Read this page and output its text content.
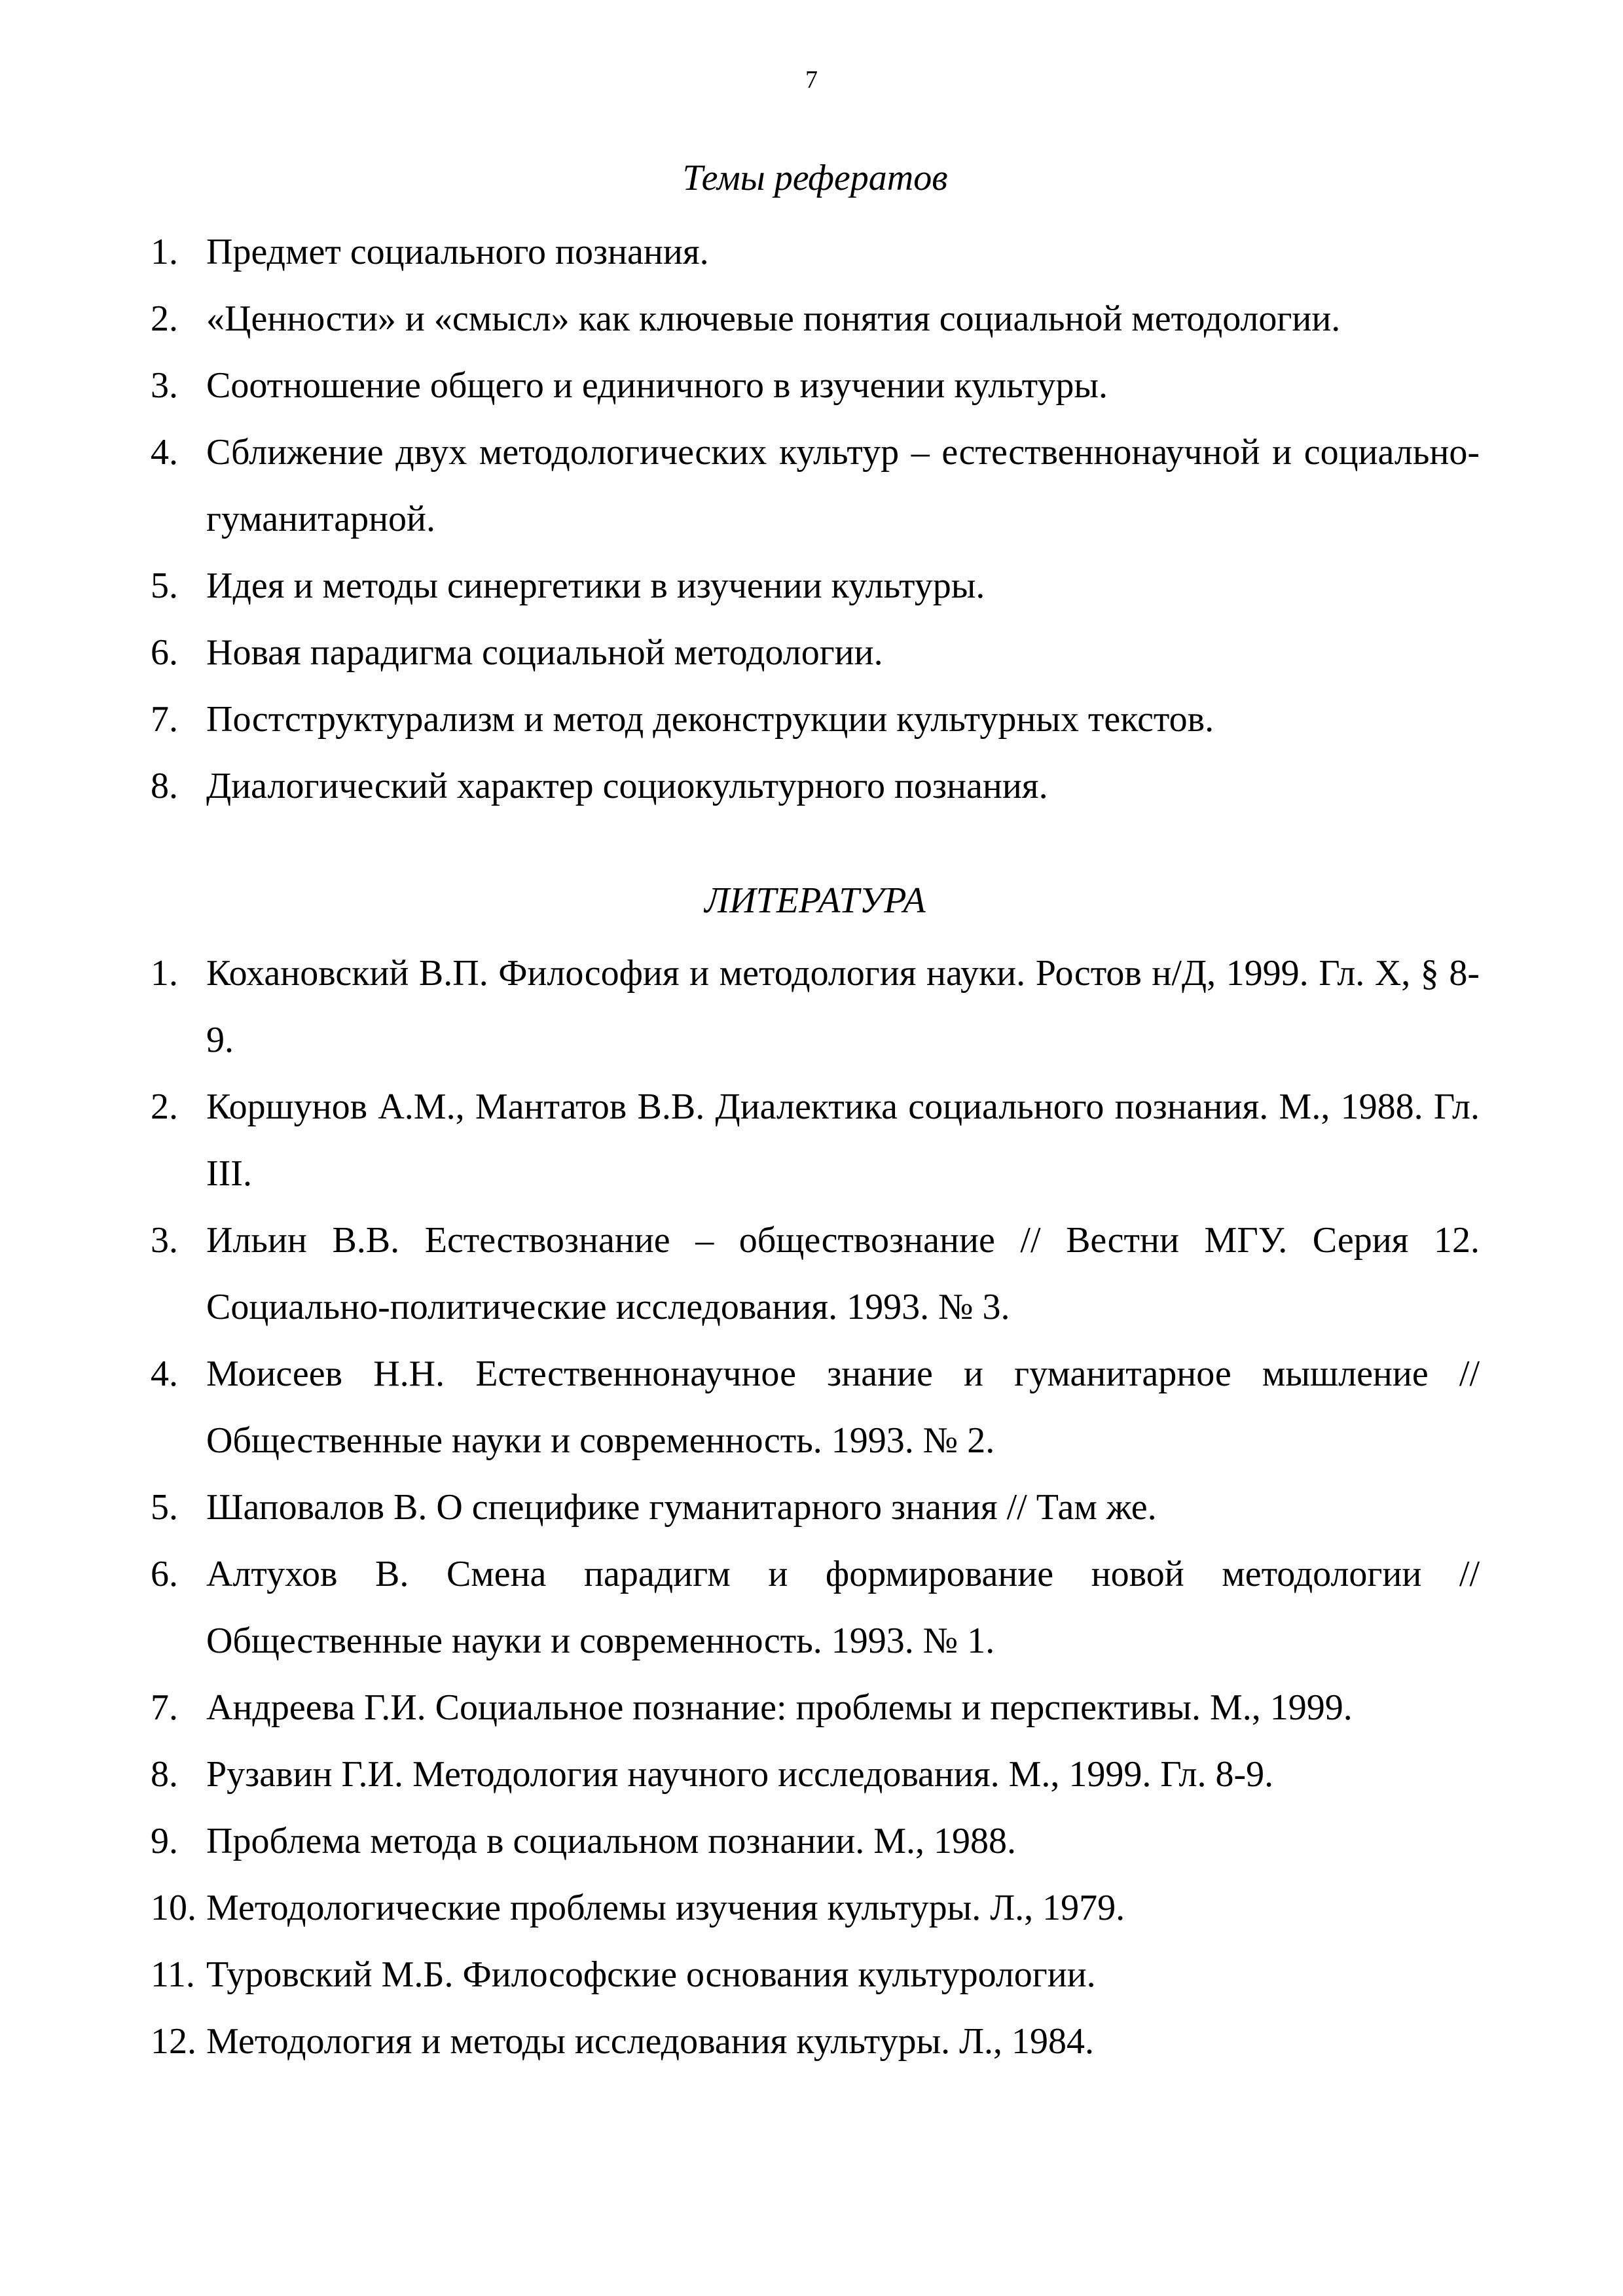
7
Темы рефератов
1. Предмет социального познания.
2. «Ценности» и «смысл» как ключевые понятия социальной методологии.
3. Соотношение общего и единичного в изучении культуры.
4. Сближение двух методологических культур – естественнонаучной и социально-гуманитарной.
5. Идея и методы синергетики в изучении культуры.
6. Новая парадигма социальной методологии.
7. Постструктурализм и метод деконструкции культурных текстов.
8. Диалогический характер социокультурного познания.
ЛИТЕРАТУРА
1. Кохановский В.П. Философия и методология науки. Ростов н/Д, 1999. Гл. X, § 8-9.
2. Коршунов А.М., Мантатов В.В. Диалектика социального познания. М., 1988. Гл. III.
3. Ильин В.В. Естествознание – обществознание // Вестни МГУ. Серия 12. Социально-политические исследования. 1993. № 3.
4. Моисеев Н.Н. Естественнонаучное знание и гуманитарное мышление // Общественные науки и современность. 1993. № 2.
5. Шаповалов В. О специфике гуманитарного знания // Там же.
6. Алтухов В. Смена парадигм и формирование новой методологии // Общественные науки и современность. 1993. № 1.
7. Андреева Г.И. Социальное познание: проблемы и перспективы. М., 1999.
8. Рузавин Г.И. Методология научного исследования. М., 1999. Гл. 8-9.
9. Проблема метода в социальном познании. М., 1988.
10. Методологические проблемы изучения культуры. Л., 1979.
11. Туровский М.Б. Философские основания культурологии.
12. Методология и методы исследования культуры. Л., 1984.
